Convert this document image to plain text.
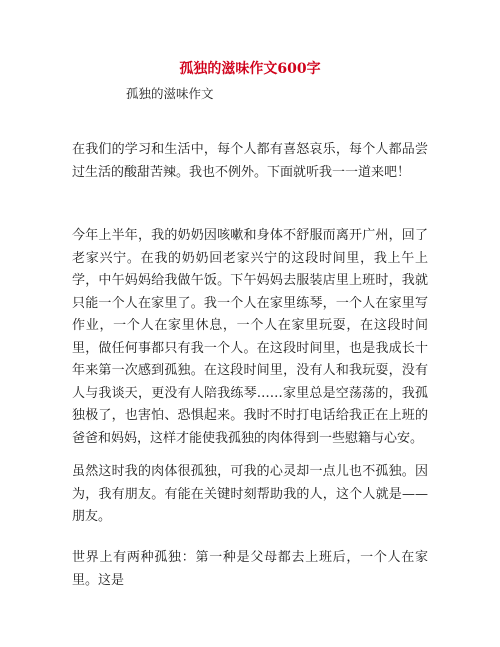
孤独的滋味作文600字
孤独的滋味作文

在我们的学习和生活中，每个人都有喜怒哀乐，每个人都品尝过生活的酸甜苦辣。我也不例外。下面就听我一一道来吧！

今年上半年，我的奶奶因咳嗽和身体不舒服而离开广州，回了老家兴宁。在我的奶奶回老家兴宁的这段时间里，我上午上学，中午妈妈给我做午饭。下午妈妈去服装店里上班时，我就只能一个人在家里了。我一个人在家里练琴，一个人在家里写作业，一个人在家里休息，一个人在家里玩耍，在这段时间里，做任何事都只有我一个人。在这段时间里，也是我成长十年来第一次感到孤独。在这段时间里，没有人和我玩耍，没有人与我谈天，更没有人陪我练琴……家里总是空荡荡的，我孤独极了，也害怕、恐惧起来。我时不时打电话给我正在上班的爸爸和妈妈，这样才能使我孤独的肉体得到一些慰籍与心安。

虽然这时我的肉体很孤独，可我的心灵却一点儿也不孤独。因为，我有朋友。有能在关键时刻帮助我的人，这个人就是——朋友。

世界上有两种孤独：第一种是父母都去上班后，一个人在家里。这是
